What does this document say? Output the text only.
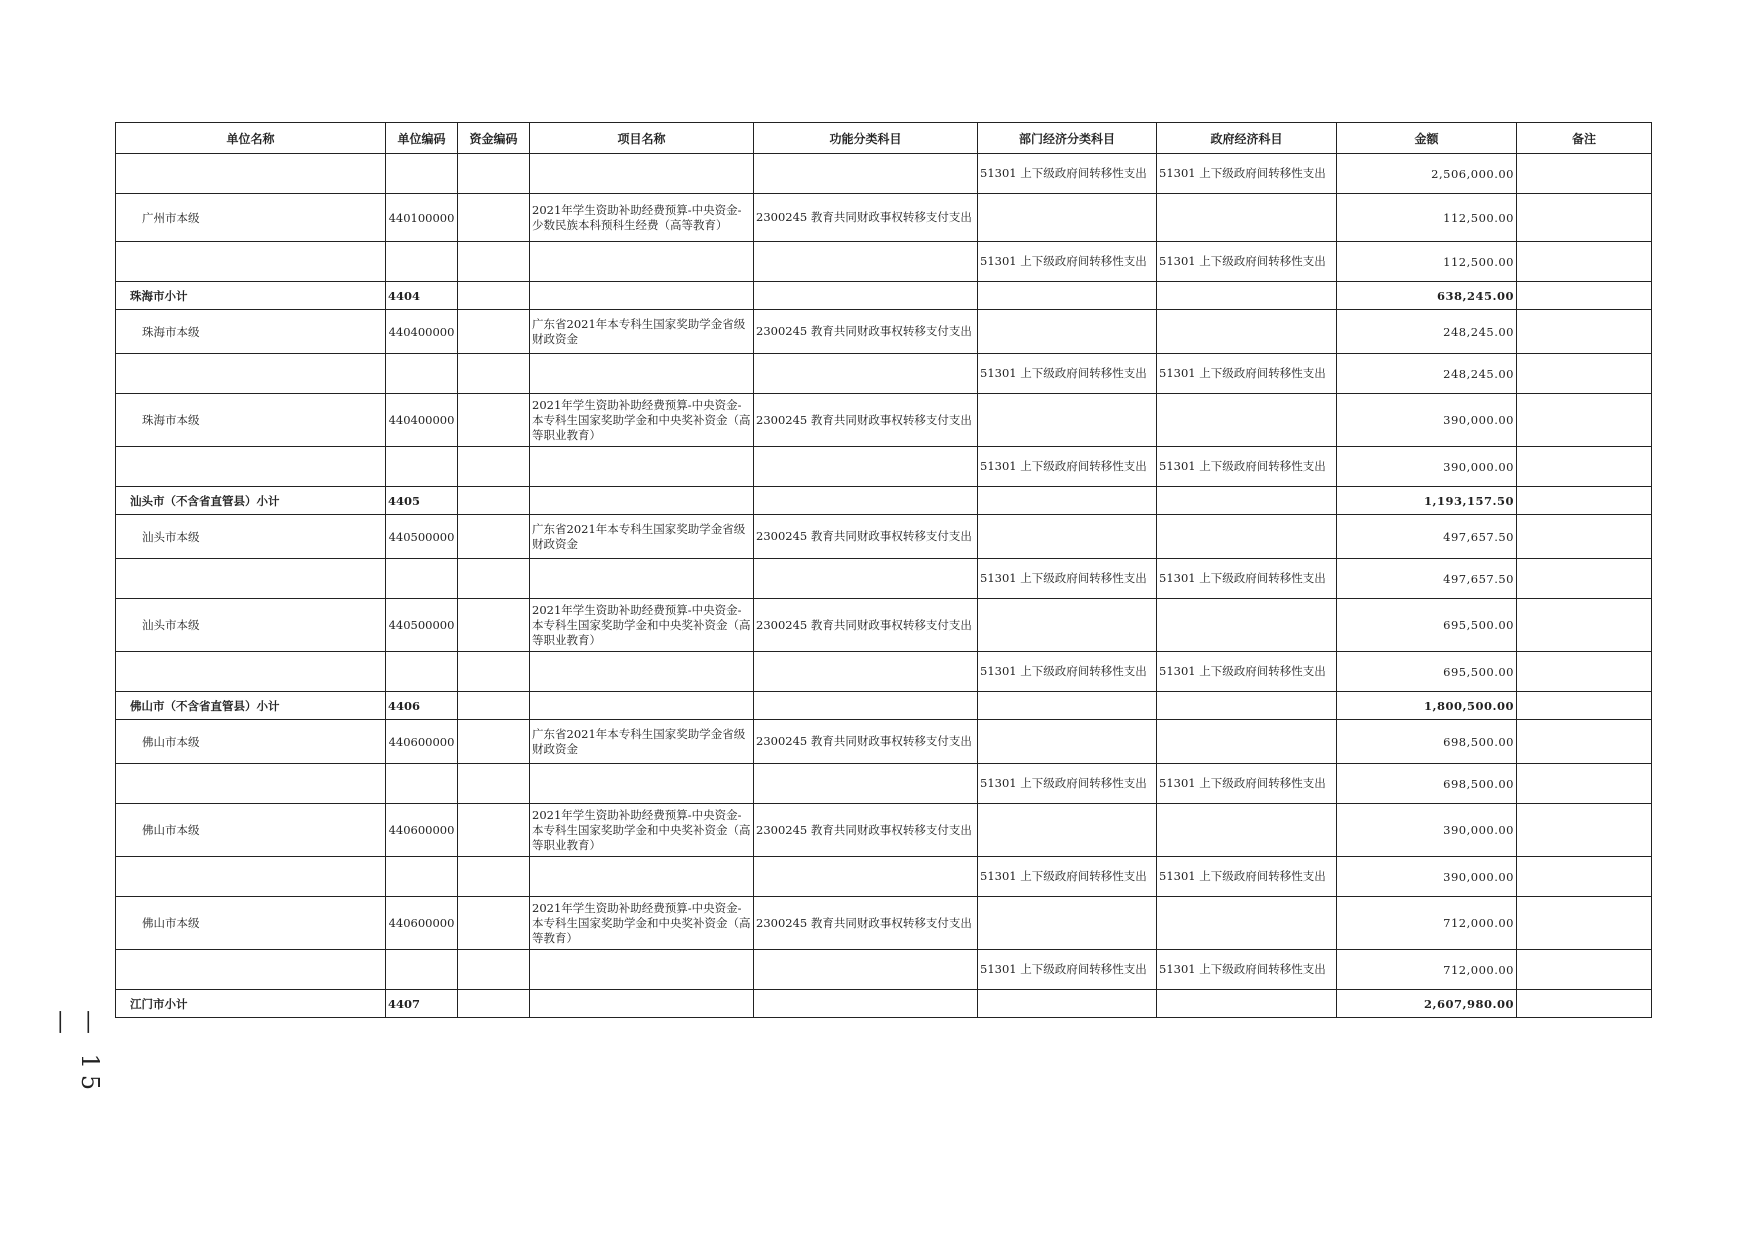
单位名称	单位编码	资金编码	项目名称	功能分类科目	部门经济分类科目	政府经济科目	金额	备注
					51301 上下级政府间转移性支出	51301 上下级政府间转移性支出	2,506,000.00	
广州市本级	440100000		2021年学生资助补助经费预算-中央资金-少数民族本科预科生经费（高等教育）	2300245 教育共同财政事权转移支付支出			112,500.00	
					51301 上下级政府间转移性支出	51301 上下级政府间转移性支出	112,500.00	
珠海市小计	4404						638,245.00	
珠海市本级	440400000		广东省2021年本专科生国家奖助学金省级财政资金	2300245 教育共同财政事权转移支付支出			248,245.00	
					51301 上下级政府间转移性支出	51301 上下级政府间转移性支出	248,245.00	
珠海市本级	440400000		2021年学生资助补助经费预算-中央资金-本专科生国家奖助学金和中央奖补资金（高等职业教育）	2300245 教育共同财政事权转移支付支出			390,000.00	
					51301 上下级政府间转移性支出	51301 上下级政府间转移性支出	390,000.00	
汕头市（不含省直管县）小计	4405						1,193,157.50	
汕头市本级	440500000		广东省2021年本专科生国家奖助学金省级财政资金	2300245 教育共同财政事权转移支付支出			497,657.50	
					51301 上下级政府间转移性支出	51301 上下级政府间转移性支出	497,657.50	
汕头市本级	440500000		2021年学生资助补助经费预算-中央资金-本专科生国家奖助学金和中央奖补资金（高等职业教育）	2300245 教育共同财政事权转移支付支出			695,500.00	
					51301 上下级政府间转移性支出	51301 上下级政府间转移性支出	695,500.00	
佛山市（不含省直管县）小计	4406						1,800,500.00	
佛山市本级	440600000		广东省2021年本专科生国家奖助学金省级财政资金	2300245 教育共同财政事权转移支付支出			698,500.00	
					51301 上下级政府间转移性支出	51301 上下级政府间转移性支出	698,500.00	
佛山市本级	440600000		2021年学生资助补助经费预算-中央资金-本专科生国家奖助学金和中央奖补资金（高等职业教育）	2300245 教育共同财政事权转移支付支出			390,000.00	
					51301 上下级政府间转移性支出	51301 上下级政府间转移性支出	390,000.00	
佛山市本级	440600000		2021年学生资助补助经费预算-中央资金-本专科生国家奖助学金和中央奖补资金（高等教育）	2300245 教育共同财政事权转移支付支出			712,000.00	
					51301 上下级政府间转移性支出	51301 上下级政府间转移性支出	712,000.00	
江门市小计	4407						2,607,980.00	
— 15 —
